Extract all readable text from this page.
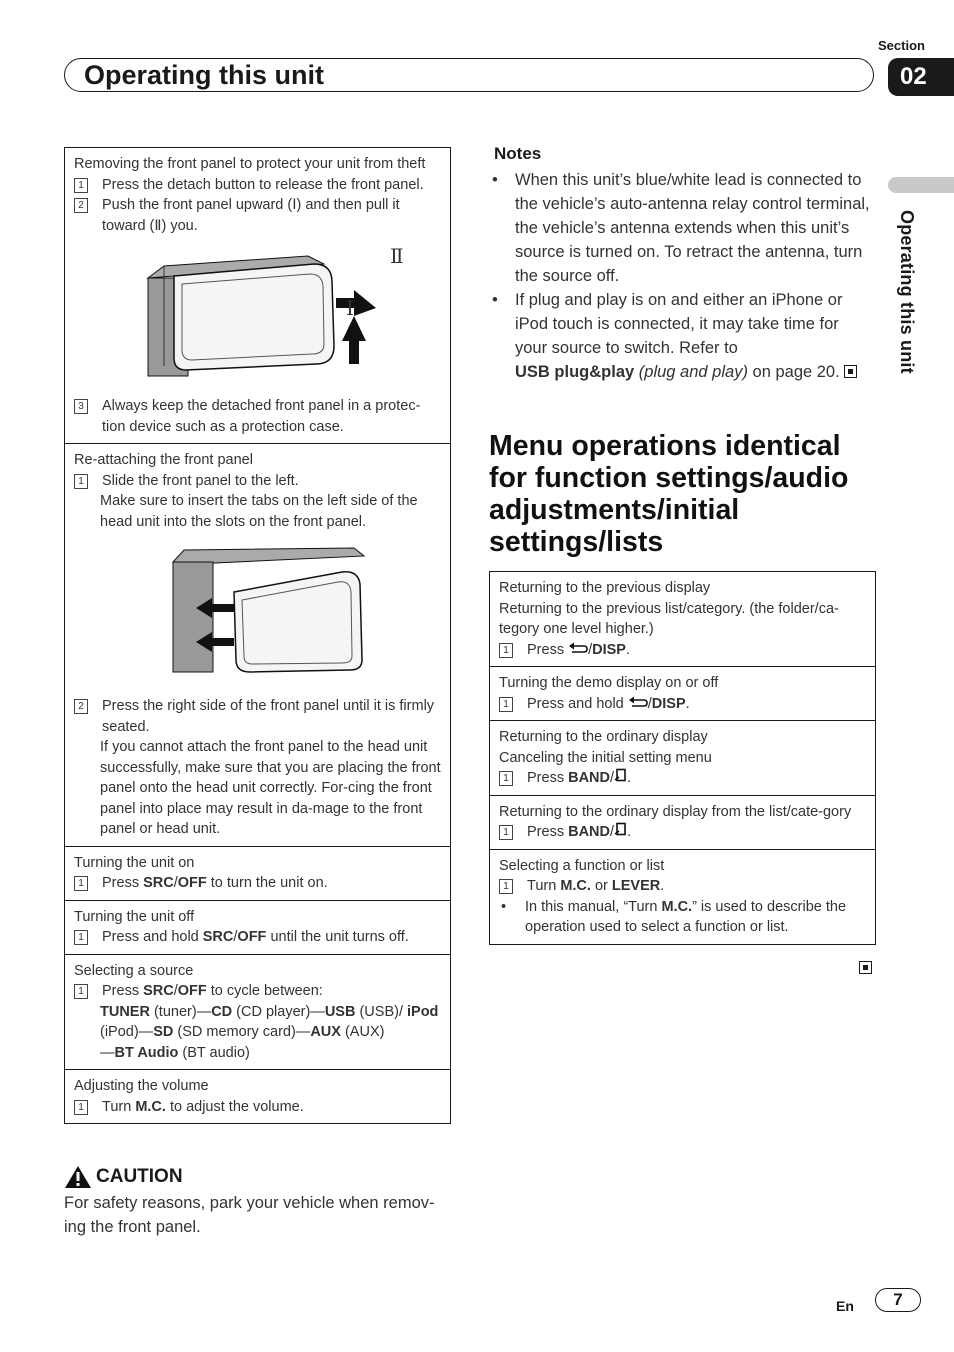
Section
02
Operating this unit
Operating this unit
Removing the front panel to protect your unit from theft
1 Press the detach button to release the front panel.
2 Push the front panel upward (Ⅰ) and then pull it toward (Ⅱ) you.
Ⅱ
Ⅰ
3 Always keep the detached front panel in a protec-tion device such as a protection case.
Re-attaching the front panel
1 Slide the front panel to the left.
Make sure to insert the tabs on the left side of the head unit into the slots on the front panel.
2 Press the right side of the front panel until it is firmly seated.
If you cannot attach the front panel to the head unit successfully, make sure that you are placing the front panel onto the head unit correctly. For-cing the front panel into place may result in da-mage to the front panel or head unit.
Turning the unit on
1 Press SRC/OFF to turn the unit on.
Turning the unit off
1 Press and hold SRC/OFF until the unit turns off.
Selecting a source
1 Press SRC/OFF to cycle between:
TUNER (tuner)—CD (CD player)—USB (USB)/ iPod (iPod)—SD (SD memory card)—AUX (AUX)
—BT Audio (BT audio)
Adjusting the volume
1 Turn M.C. to adjust the volume.
CAUTION
For safety reasons, park your vehicle when remov-ing the front panel.
Notes
•	When this unit’s blue/white lead is connected to the vehicle’s auto-antenna relay control terminal, the vehicle’s antenna extends when this unit’s source is turned on. To retract the antenna, turn the source off.
•	If plug and play is on and either an iPhone or iPod touch is connected, it may take time for your source to switch. Refer to
USB plug&play (plug and play) on page 20.
Menu operations identical for function settings/audio adjustments/initial settings/lists
Returning to the previous display
Returning to the previous list/category. (the folder/ca-tegory one level higher.)
1 Press /DISP.
Turning the demo display on or off
1 Press and hold /DISP.
Returning to the ordinary display
Canceling the initial setting menu
1 Press BAND/ .
Returning to the ordinary display from the list/cate-gory
1 Press BAND/ .
Selecting a function or list
1 Turn M.C. or LEVER.
•	In this manual, “Turn M.C.” is used to describe the operation used to select a function or list.
En	7
